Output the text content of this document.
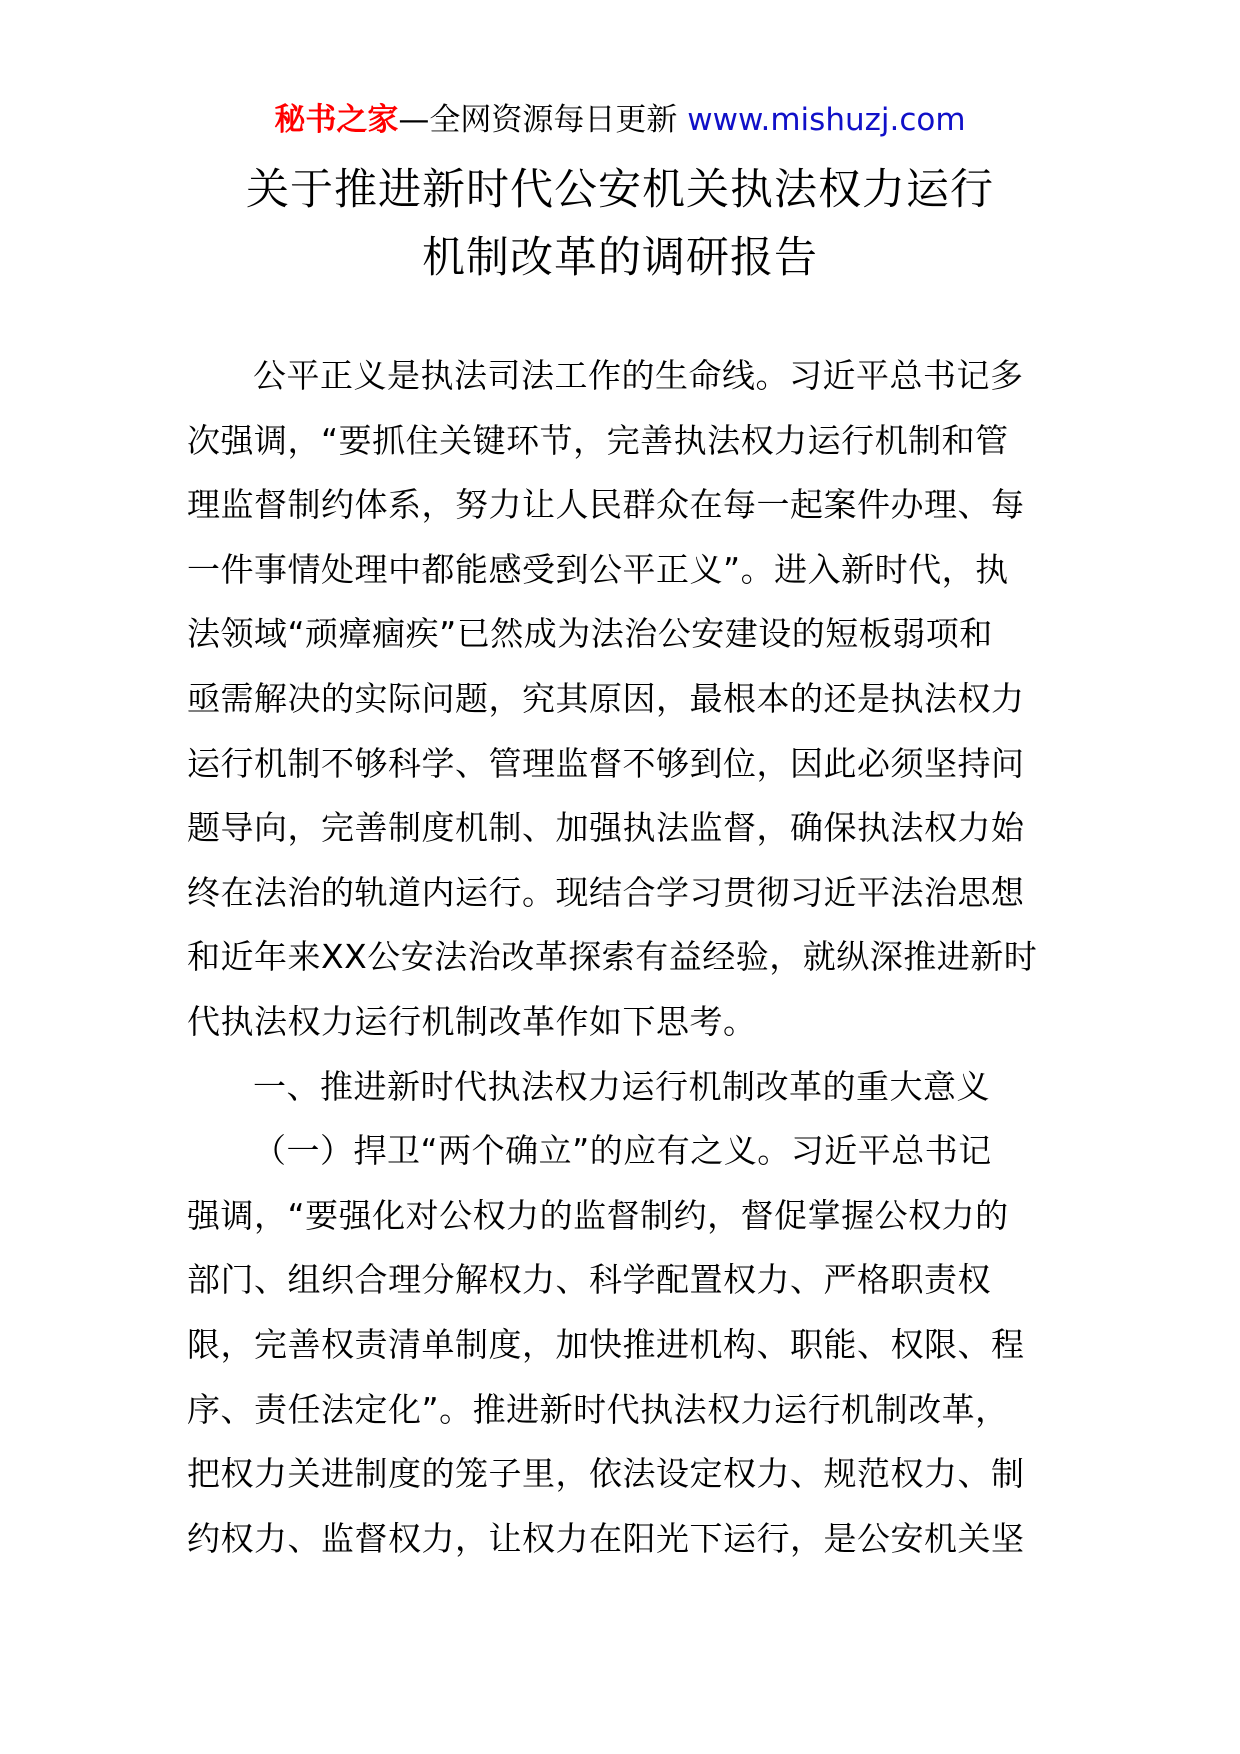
秘书之家—全网资源每日更新 www.mishuzj.com
关于推进新时代公安机关执法权力运行
机制改革的调研报告
公平正义是执法司法工作的生命线。习近平总书记多
次强调，“要抓住关键环节，完善执法权力运行机制和管
理监督制约体系，努力让人民群众在每一起案件办理、每
一件事情处理中都能感受到公平正义”。进入新时代，执
法领域“顽瘴痼疾”已然成为法治公安建设的短板弱项和
亟需解决的实际问题，究其原因，最根本的还是执法权力
运行机制不够科学、管理监督不够到位，因此必须坚持问
题导向，完善制度机制、加强执法监督，确保执法权力始
终在法治的轨道内运行。现结合学习贯彻习近平法治思想
和近年来XX公安法治改革探索有益经验，就纵深推进新时
代执法权力运行机制改革作如下思考。
一、推进新时代执法权力运行机制改革的重大意义
（一）捍卫“两个确立”的应有之义。习近平总书记
强调，“要强化对公权力的监督制约，督促掌握公权力的
部门、组织合理分解权力、科学配置权力、严格职责权
限，完善权责清单制度，加快推进机构、职能、权限、程
序、责任法定化”。推进新时代执法权力运行机制改革，
把权力关进制度的笼子里，依法设定权力、规范权力、制
约权力、监督权力，让权力在阳光下运行，是公安机关坚
